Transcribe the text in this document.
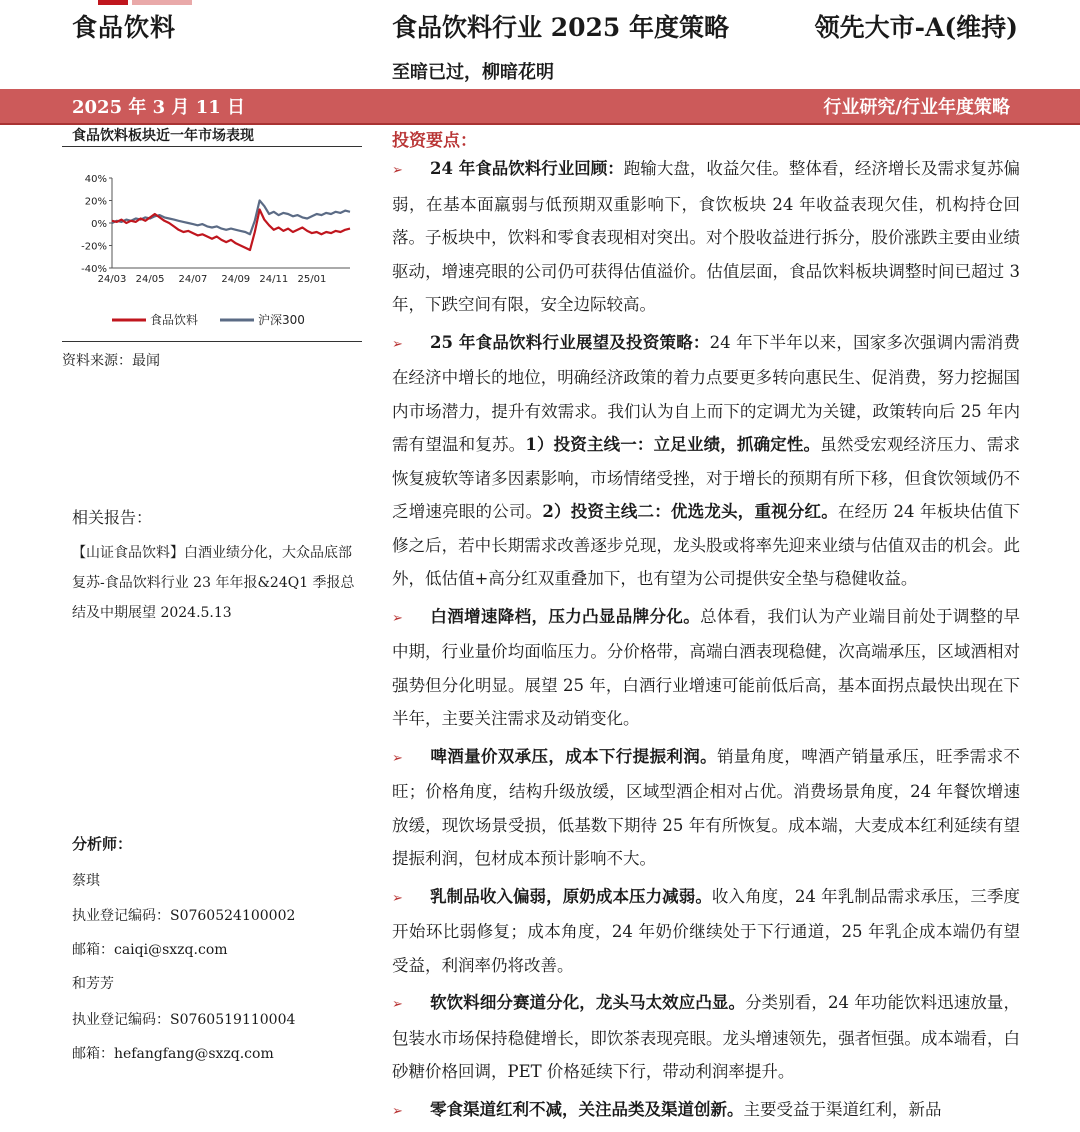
食品饮料	食品饮料行业 2025 年度策略	领先大市-A(维持)
至暗已过，柳暗花明
2025 年 3 月 11 日	行业研究/行业年度策略
食品饮料板块近一年市场表现
40%
20%
0%
-20%
-40%
24/03 24/05 24/07 24/09 24/11 25/01
食品饮料	沪深300
资料来源：最闻
相关报告：
【山证食品饮料】白酒业绩分化，大众品底部复苏-食品饮料行业 23 年年报&24Q1 季报总结及中期展望 2024.5.13
分析师：
蔡琪
执业登记编码：S0760524100002
邮箱：caiqi@sxzq.com
和芳芳
执业登记编码：S0760519110004
邮箱：hefangfang@sxzq.com
投资要点：

➢ 24 年食品饮料行业回顾：跑输大盘，收益欠佳。整体看，经济增长及需求复苏偏弱，在基本面羸弱与低预期双重影响下，食饮板块 24 年收益表现欠佳，机构持仓回落。子板块中，饮料和零食表现相对突出。对个股收益进行拆分，股价涨跌主要由业绩驱动，增速亮眼的公司仍可获得估值溢价。估值层面，食品饮料板块调整时间已超过 3 年，下跌空间有限，安全边际较高。

➢ 25 年食品饮料行业展望及投资策略：24 年下半年以来，国家多次强调内需消费在经济中增长的地位，明确经济政策的着力点要更多转向惠民生、促消费，努力挖掘国内市场潜力，提升有效需求。我们认为自上而下的定调尤为关键，政策转向后 25 年内需有望温和复苏。1）投资主线一：立足业绩，抓确定性。虽然受宏观经济压力、需求恢复疲软等诸多因素影响，市场情绪受挫，对于增长的预期有所下移，但食饮领域仍不乏增速亮眼的公司。2）投资主线二：优选龙头，重视分红。在经历 24 年板块估值下修之后，若中长期需求改善逐步兑现，龙头股或将率先迎来业绩与估值双击的机会。此外，低估值+高分红双重叠加下，也有望为公司提供安全垫与稳健收益。

➢ 白酒增速降档，压力凸显品牌分化。总体看，我们认为产业端目前处于调整的早中期，行业量价均面临压力。分价格带，高端白酒表现稳健，次高端承压，区域酒相对强势但分化明显。展望 25 年，白酒行业增速可能前低后高，基本面拐点最快出现在下半年，主要关注需求及动销变化。

➢ 啤酒量价双承压，成本下行提振利润。销量角度，啤酒产销量承压，旺季需求不旺；价格角度，结构升级放缓，区域型酒企相对占优。消费场景角度，24 年餐饮增速放缓，现饮场景受损，低基数下期待 25 年有所恢复。成本端，大麦成本红利延续有望提振利润，包材成本预计影响不大。

➢ 乳制品收入偏弱，原奶成本压力减弱。收入角度，24 年乳制品需求承压，三季度开始环比弱修复；成本角度，24 年奶价继续处于下行通道，25 年乳企成本端仍有望受益，利润率仍将改善。

➢ 软饮料细分赛道分化，龙头马太效应凸显。分类别看，24 年功能饮料迅速放量，包装水市场保持稳健增长，即饮茶表现亮眼。龙头增速领先，强者恒强。成本端看，白砂糖价格回调，PET 价格延续下行，带动利润率提升。

➢ 零食渠道红利不减，关注品类及渠道创新。主要受益于渠道红利，新品
